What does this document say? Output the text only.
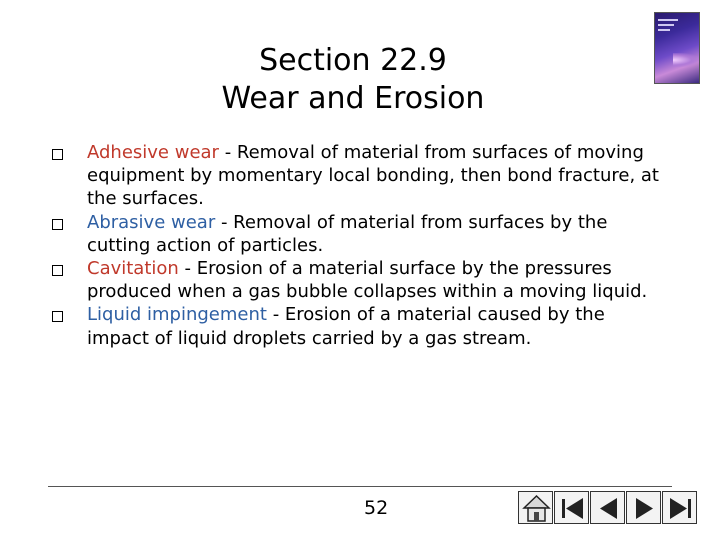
Section 22.9
Wear and Erosion
Adhesive wear - Removal of material from surfaces of moving equipment by momentary local bonding, then bond fracture, at the surfaces.
Abrasive wear - Removal of material from surfaces by the cutting action of particles.
Cavitation - Erosion of a material surface by the pressures produced when a gas bubble collapses within a moving liquid.
Liquid impingement - Erosion of a material caused by the impact of liquid droplets carried by a gas stream.
52
